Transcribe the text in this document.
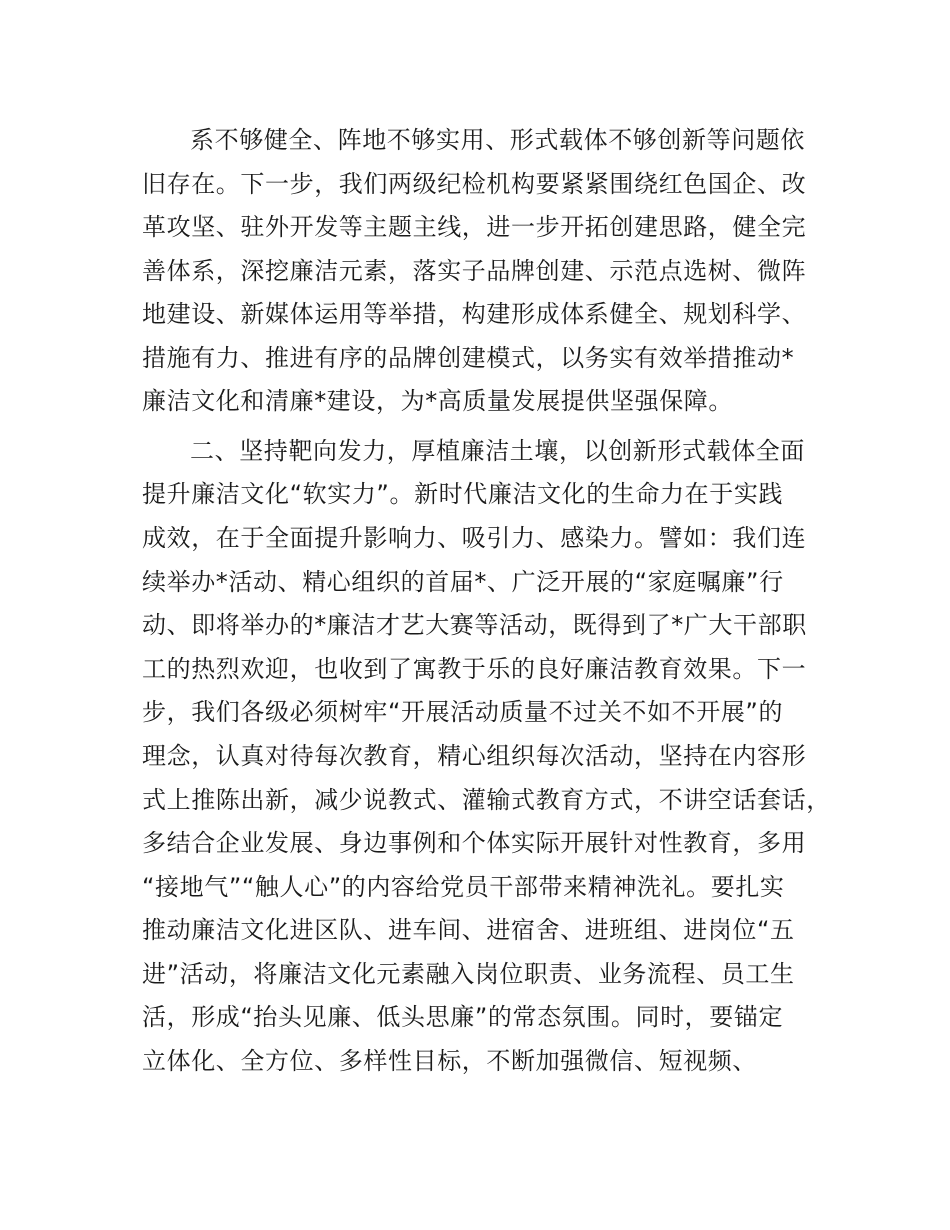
系不够健全、阵地不够实用、形式载体不够创新等问题依
旧存在。下一步，我们两级纪检机构要紧紧围绕红色国企、改
革攻坚、驻外开发等主题主线，进一步开拓创建思路，健全完
善体系，深挖廉洁元素，落实子品牌创建、示范点选树、微阵
地建设、新媒体运用等举措，构建形成体系健全、规划科学、
措施有力、推进有序的品牌创建模式，以务实有效举措推动*
廉洁文化和清廉*建设，为*高质量发展提供坚强保障。
二、坚持靶向发力，厚植廉洁土壤，以创新形式载体全面
提升廉洁文化“软实力”。新时代廉洁文化的生命力在于实践
成效，在于全面提升影响力、吸引力、感染力。譬如：我们连
续举办*活动、精心组织的首届*、广泛开展的“家庭嘱廉”行
动、即将举办的*廉洁才艺大赛等活动，既得到了*广大干部职
工的热烈欢迎，也收到了寓教于乐的良好廉洁教育效果。下一
步，我们各级必须树牢“开展活动质量不过关不如不开展”的
理念，认真对待每次教育，精心组织每次活动，坚持在内容形
式上推陈出新，减少说教式、灌输式教育方式，不讲空话套话，
多结合企业发展、身边事例和个体实际开展针对性教育，多用
“接地气”“触人心”的内容给党员干部带来精神洗礼。要扎实
推动廉洁文化进区队、进车间、进宿舍、进班组、进岗位“五
进”活动，将廉洁文化元素融入岗位职责、业务流程、员工生
活，形成“抬头见廉、低头思廉”的常态氛围。同时，要锚定
立体化、全方位、多样性目标，不断加强微信、短视频、
